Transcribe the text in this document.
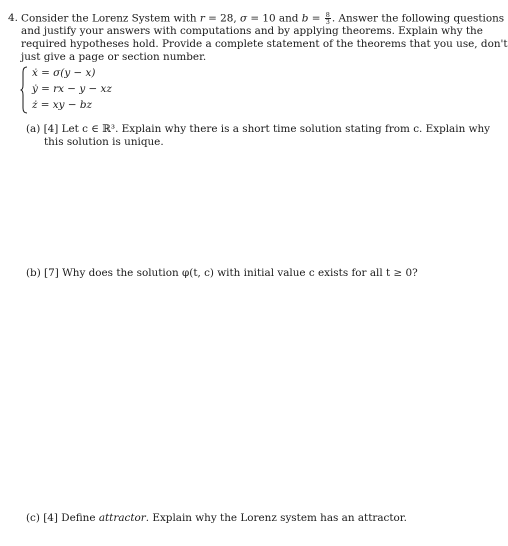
4. Consider the Lorenz System with r = 28, σ = 10 and $b = \frac{8}{3}$ . Answer the following questions
and justify your answers with computations and by applying theorems. Explain why the
required hypotheses hold. Provide a complete statement of the theorems that you use, don't
just give a page or section number.
ẋ = σ(y − x)
ẏ = rx − y − xz
ż = xy − bz
(a) [4] Let c ∈ ℝ³. Explain why there is a short time solution stating from c. Explain why
this solution is unique.
(b) [7] Why does the solution φ(t, c) with initial value c exists for all t ≥ 0?
(c) [4] Define attractor. Explain why the Lorenz system has an attractor.
